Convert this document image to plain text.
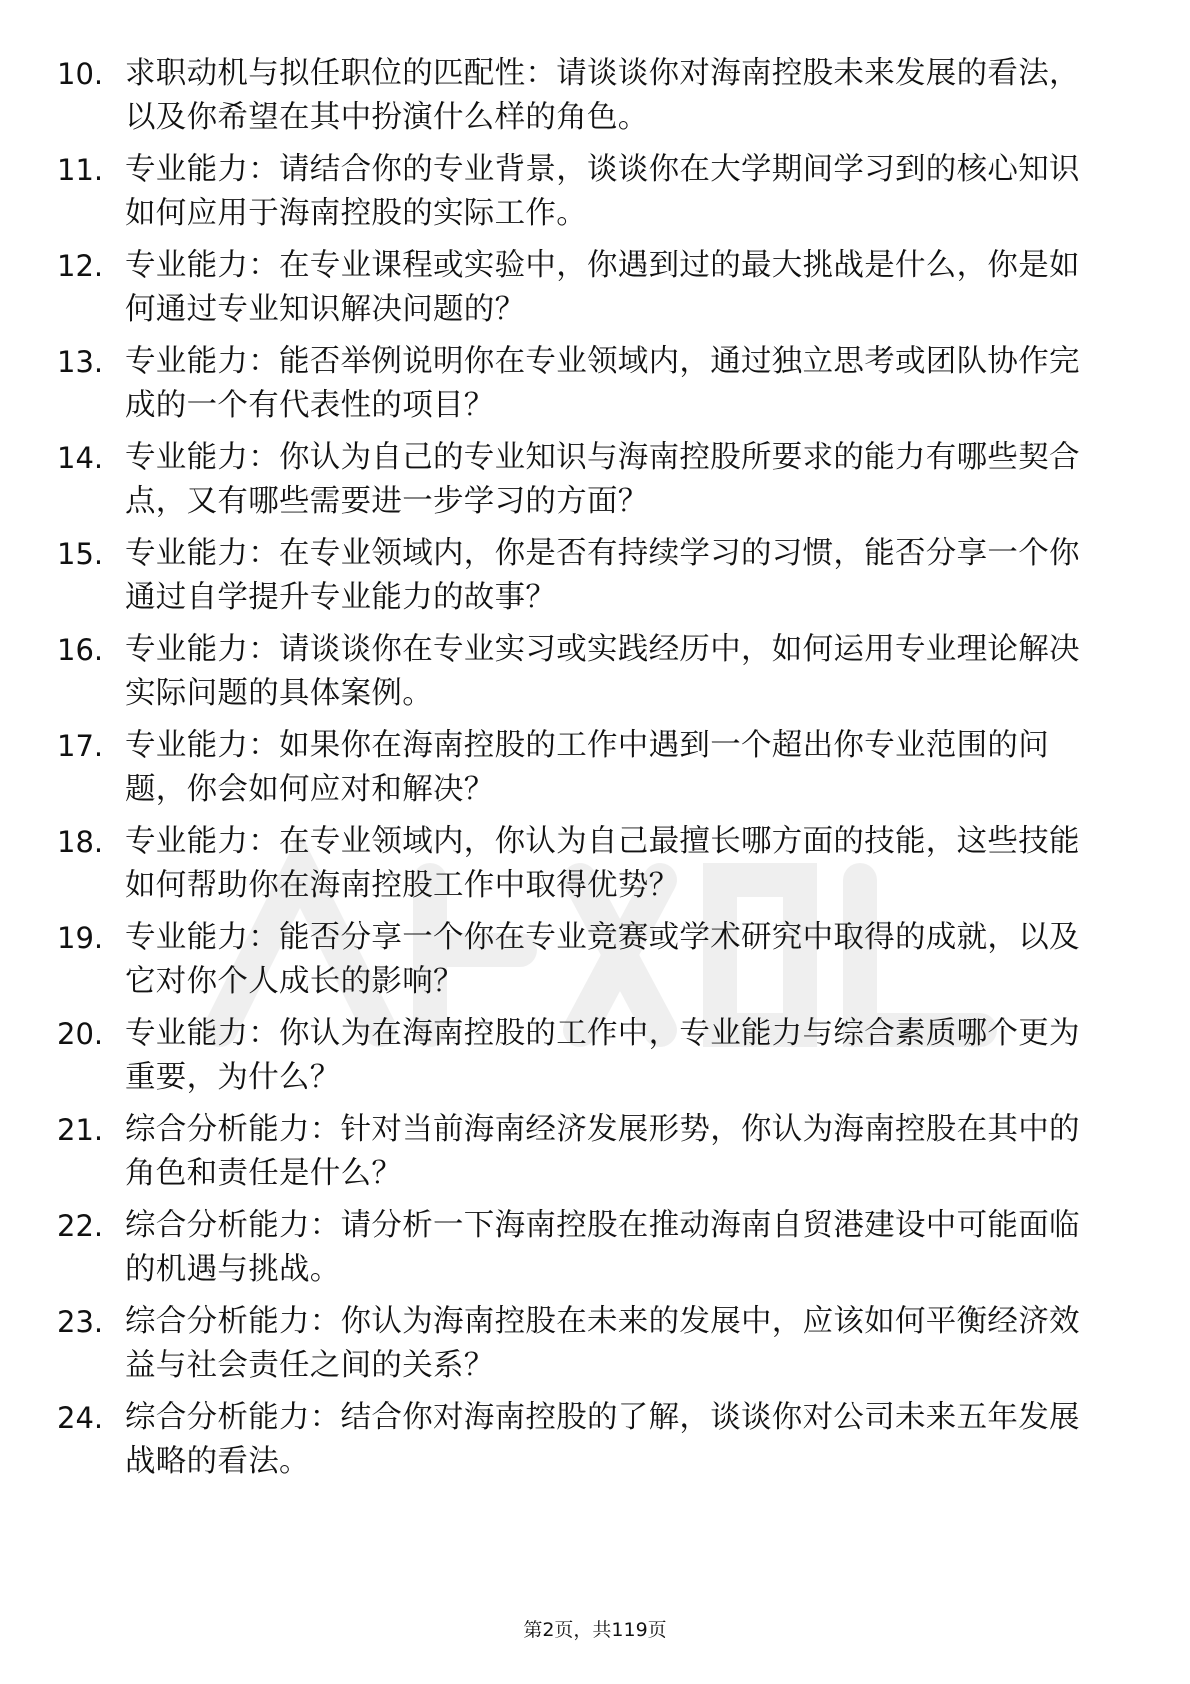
10. 求职动机与拟任职位的匹配性：请谈谈你对海南控股未来发展的看法，以及你希望在其中扮演什么样的角色。
11. 专业能力：请结合你的专业背景，谈谈你在大学期间学习到的核心知识如何应用于海南控股的实际工作。
12. 专业能力：在专业课程或实验中，你遇到过的最大挑战是什么，你是如何通过专业知识解决问题的？
13. 专业能力：能否举例说明你在专业领域内，通过独立思考或团队协作完成的一个有代表性的项目？
14. 专业能力：你认为自己的专业知识与海南控股所要求的能力有哪些契合点，又有哪些需要进一步学习的方面？
15. 专业能力：在专业领域内，你是否有持续学习的习惯，能否分享一个你通过自学提升专业能力的故事？
16. 专业能力：请谈谈你在专业实习或实践经历中，如何运用专业理论解决实际问题的具体案例。
17. 专业能力：如果你在海南控股的工作中遇到一个超出你专业范围的问题，你会如何应对和解决？
18. 专业能力：在专业领域内，你认为自己最擅长哪方面的技能，这些技能如何帮助你在海南控股工作中取得优势？
19. 专业能力：能否分享一个你在专业竞赛或学术研究中取得的成就，以及它对你个人成长的影响？
20. 专业能力：你认为在海南控股的工作中，专业能力与综合素质哪个更为重要，为什么？
21. 综合分析能力：针对当前海南经济发展形势，你认为海南控股在其中的角色和责任是什么？
22. 综合分析能力：请分析一下海南控股在推动海南自贸港建设中可能面临的机遇与挑战。
23. 综合分析能力：你认为海南控股在未来的发展中，应该如何平衡经济效益与社会责任之间的关系？
24. 综合分析能力：结合你对海南控股的了解，谈谈你对公司未来五年发展战略的看法。
第2页，共119页
